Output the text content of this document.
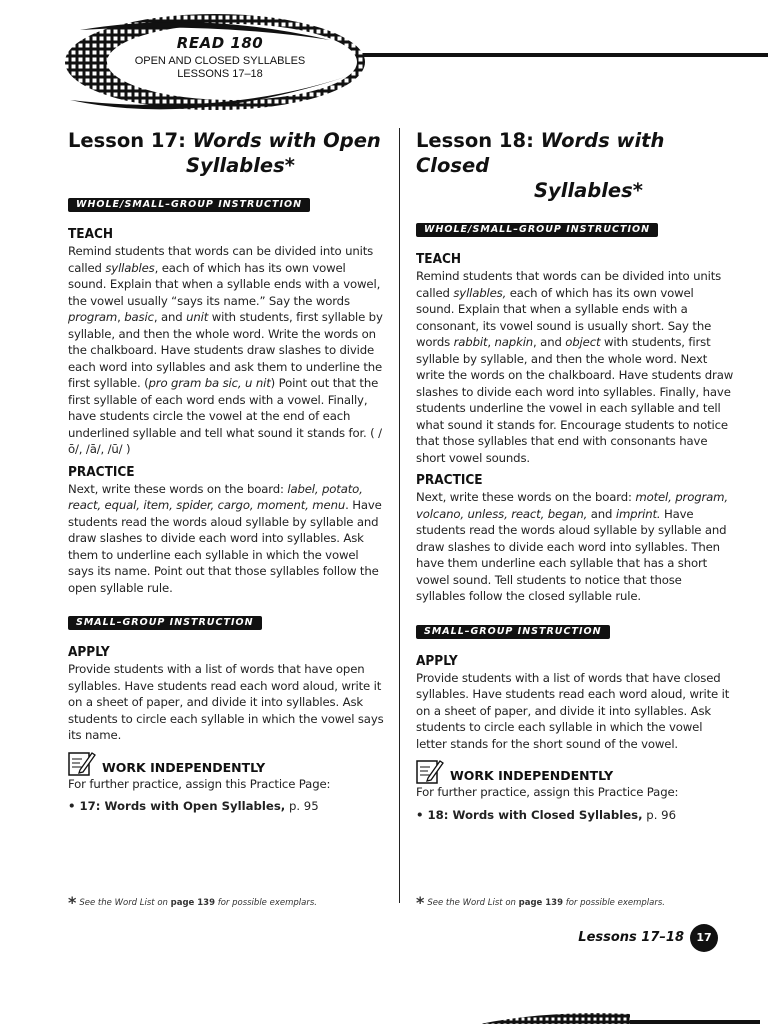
READ 180
OPEN AND CLOSED SYLLABLES
LESSONS 17–18
Lesson 17: Words with Open
Syllables*
WHOLE/SMALL–GROUP INSTRUCTION
TEACH

Remind students that words can be divided into units called syllables, each of which has its own vowel sound. Explain that when a syllable ends with a vowel, the vowel usually “says its name.” Say the words program, basic, and unit with students, first syllable by syllable, and then the whole word. Write the words on the chalkboard. Have students draw slashes to divide each word into syllables and ask them to underline the first syllable. (pro gram ba sic, u nit) Point out that the first syllable of each word ends with a vowel. Finally, have students circle the vowel at the end of each underlined syllable and tell what sound it stands for. ( /ō/, /ā/, /ū/ )

PRACTICE

Next, write these words on the board: label, potato, react, equal, item, spider, cargo, moment, menu. Have students read the words aloud syllable by syllable and draw slashes to divide each word into syllables. Ask them to underline each syllable in which the vowel says its name. Point out that those syllables follow the open syllable rule.

SMALL–GROUP INSTRUCTION
APPLY

Provide students with a list of words that have open syllables. Have students read each word aloud, write it on a sheet of paper, and divide it into syllables. Ask students to circle each syllable in which the vowel says its name.

WORK INDEPENDENTLY

For further practice, assign this Practice Page:

• 17: Words with Open Syllables, p. 95

Lesson 18: Words with Closed
Syllables*
WHOLE/SMALL–GROUP INSTRUCTION
TEACH

Remind students that words can be divided into units called syllables, each of which has its own vowel sound. Explain that when a syllable ends with a consonant, its vowel sound is usually short. Say the words rabbit, napkin, and object with students, first syllable by syllable, and then the whole word. Next write the words on the chalkboard. Have students draw slashes to divide each word into syllables. Finally, have students underline the vowel in each syllable and tell what sound it stands for. Encourage students to notice that those syllables that end with consonants have short vowel sounds.

PRACTICE

Next, write these words on the board: motel, program, volcano, unless, react, began, and imprint. Have students read the words aloud syllable by syllable and draw slashes to divide each word into syllables. Then have them underline each syllable that has a short vowel sound. Tell students to notice that those syllables follow the closed syllable rule.

SMALL–GROUP INSTRUCTION
APPLY

Provide students with a list of words that have closed syllables. Have students read each word aloud, write it on a sheet of paper, and divide it into syllables. Ask students to circle each syllable in which the vowel letter stands for the short sound of the vowel.

WORK INDEPENDENTLY

For further practice, assign this Practice Page:

• 18: Words with Closed Syllables, p. 96

* See the Word List on page 139 for possible exemplars.	* See the Word List on page 139 for possible exemplars.
Lessons 17–18	17
